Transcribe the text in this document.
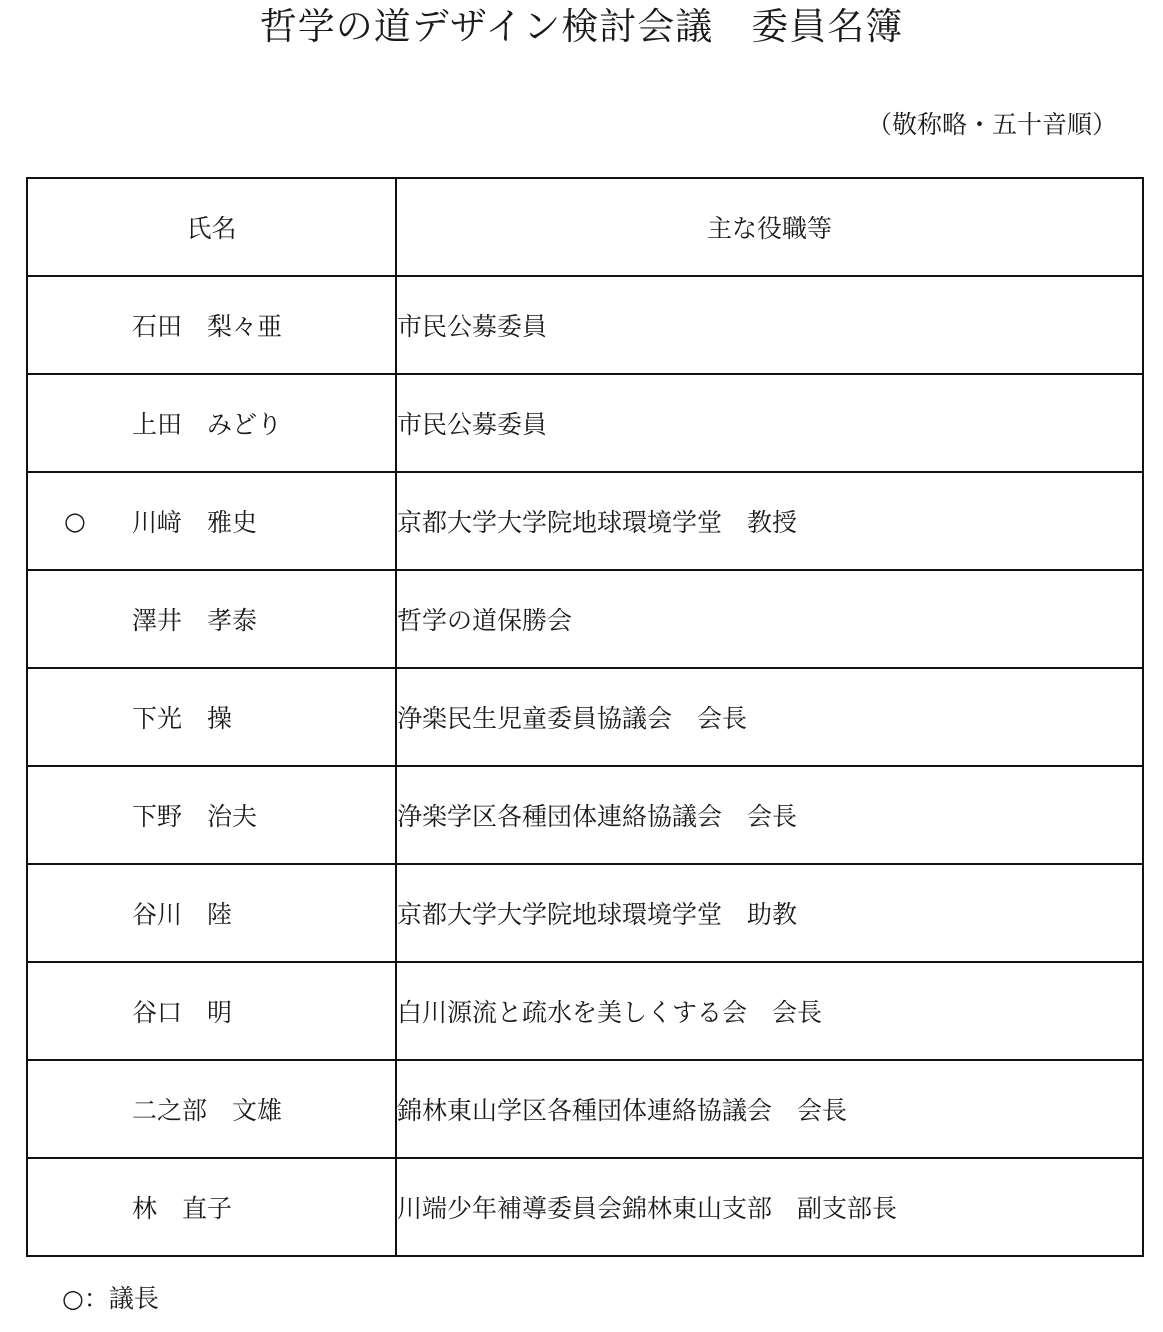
哲学の道デザイン検討会議　委員名簿
（敬称略・五十音順）
氏名	主な役職等

石田　梨々亜	市民公募委員

上田　みどり	市民公募委員

○ 川﨑　雅史	京都大学大学院地球環境学堂　教授

澤井　孝泰	哲学の道保勝会

下光　操	浄楽民生児童委員協議会　会長

下野　治夫	浄楽学区各種団体連絡協議会　会長

谷川　陸	京都大学大学院地球環境学堂　助教

谷口　明	白川源流と疏水を美しくする会　会長

二之部　文雄	錦林東山学区各種団体連絡協議会　会長

林　直子	川端少年補導委員会錦林東山支部　副支部長
○：議長
